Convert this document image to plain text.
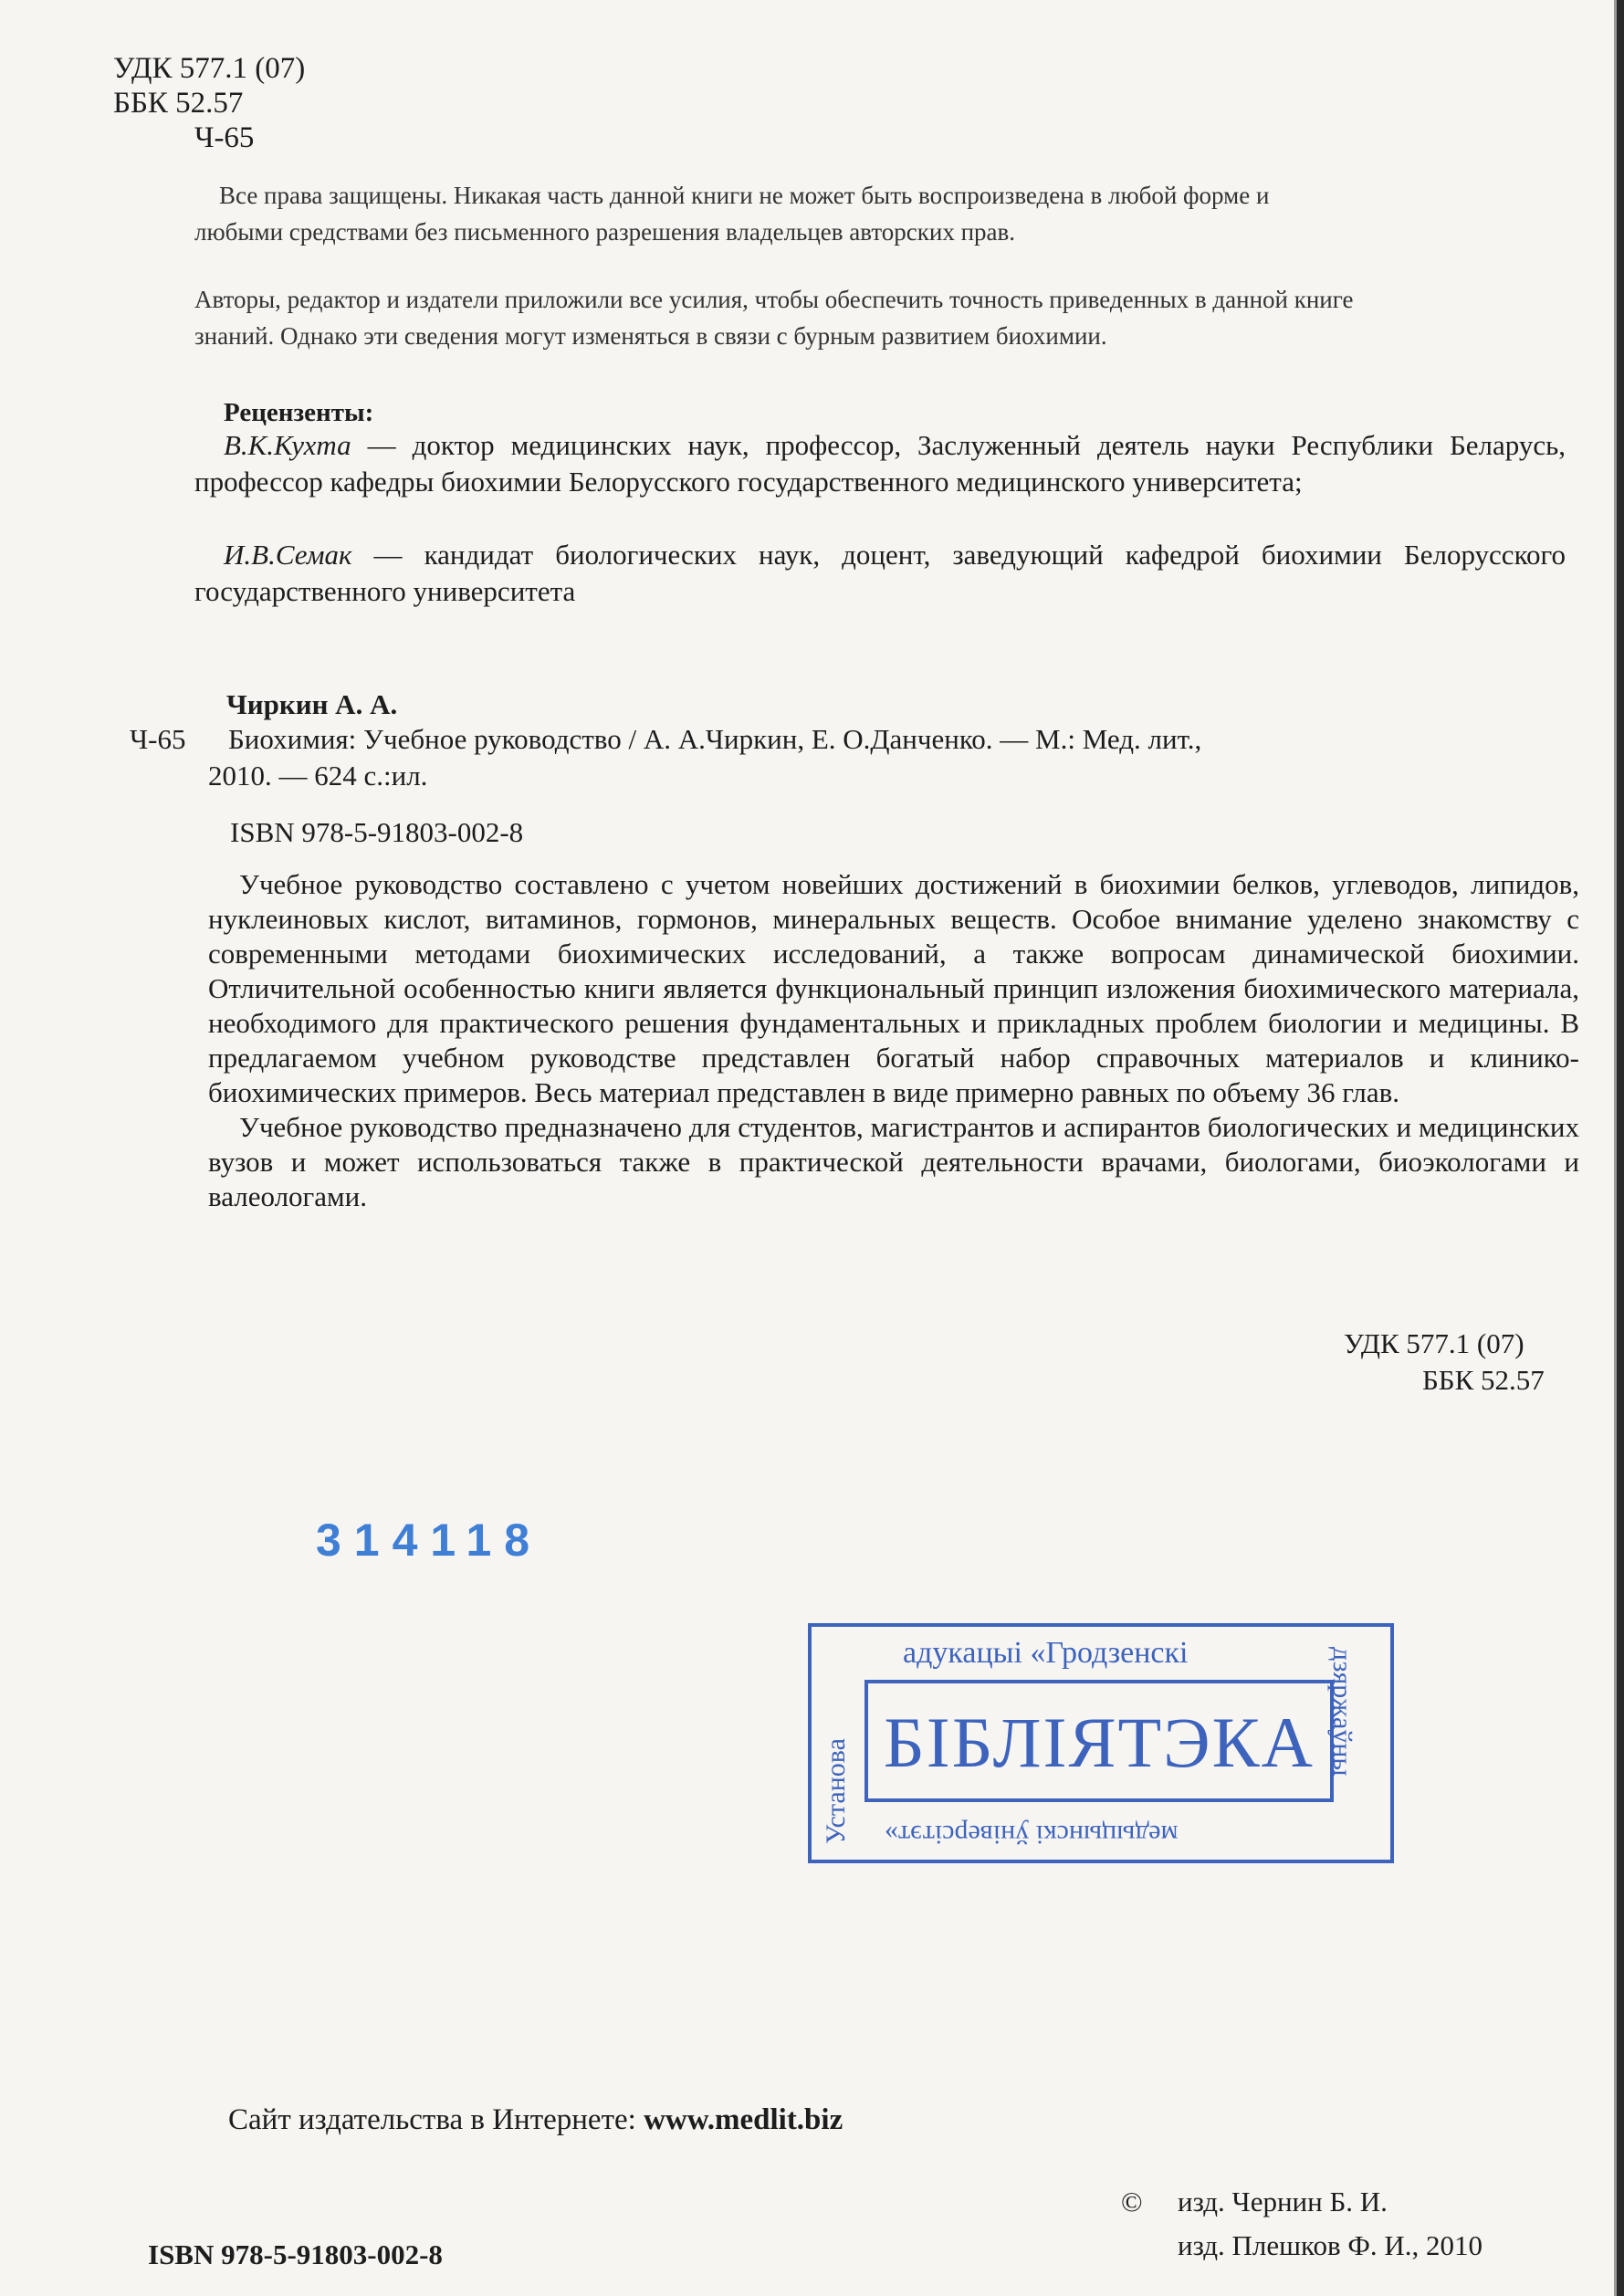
УДК 577.1 (07)
ББК 52.57
Ч-65
Все права защищены. Никакая часть данной книги не может быть воспроизведена в любой форме и
любыми средствами без письменного разрешения владельцев авторских прав.
Авторы, редактор и издатели приложили все усилия, чтобы обеспечить точность приведенных в данной книге
знаний. Однако эти сведения могут изменяться в связи с бурным развитием биохимии.
Рецензенты:
В.К.Кухта — доктор медицинских наук, профессор, Заслуженный деятель науки Республики Беларусь, профессор кафедры биохимии Белорусского государственного медицинского университета;
И.В.Семак — кандидат биологических наук, доцент, заведующий кафедрой биохимии Белорусского государственного университета
Чиркин А. А.
Ч-65 Биохимия: Учебное руководство / А. А.Чиркин, Е. О.Данченко. — М.: Мед. лит.,
2010. — 624 с.:ил.
ISBN 978-5-91803-002-8

Учебное руководство составлено с учетом новейших достижений в биохимии белков, углеводов, липидов, нуклеиновых кислот, витаминов, гормонов, минеральных веществ. Особое внимание уделено знакомству с современными методами биохимических исследований, а также вопросам динамической биохимии. Отличительной особенностью книги является функциональный принцип изложения биохимического материала, необходимого для практического решения фундаментальных и прикладных проблем биологии и медицины. В предлагаемом учебном руководстве представлен богатый набор справочных материалов и клинико-биохимических примеров. Весь материал представлен в виде примерно равных по объему 36 глав.

Учебное руководство предназначено для студентов, магистрантов и аспирантов биологических и медицинских вузов и может использоваться также в практической деятельности врачами, биологами, биоэкологами и валеологами.

УДК 577.1 (07)
ББК 52.57
314118
адукацыі «Гродзенскі
БІБЛІЯТЭКА
медыцынскі ўніверсітэт»
Установа
дзяржаўны
Сайт издательства в Интернете: www.medlit.biz
© изд. Чернин Б. И.
изд. Плешков Ф. И., 2010
ISBN 978-5-91803-002-8
